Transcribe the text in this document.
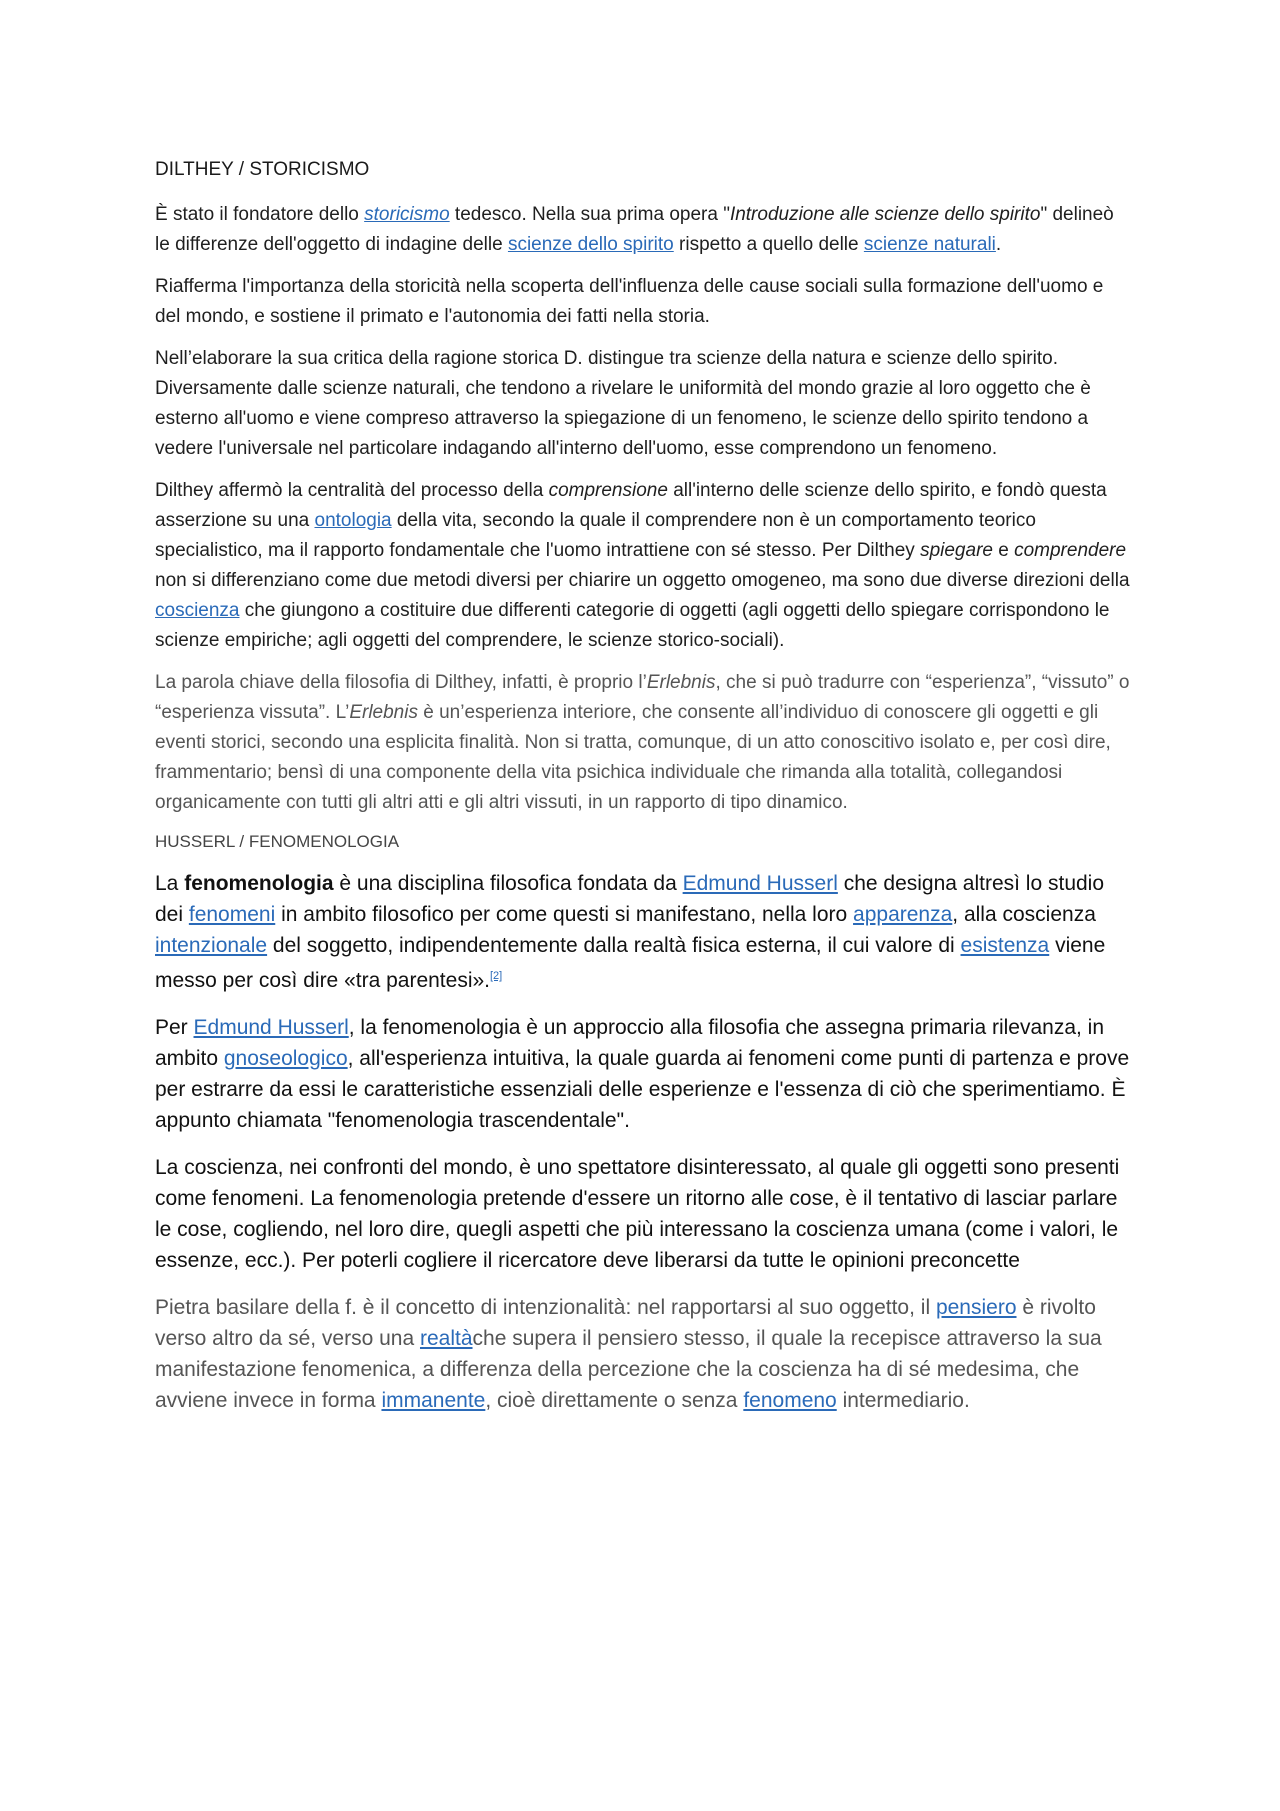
DILTHEY / STORICISMO

È stato il fondatore dello storicismo tedesco. Nella sua prima opera "Introduzione alle scienze dello spirito" delineò le differenze dell'oggetto di indagine delle scienze dello spirito rispetto a quello delle scienze naturali.

Riafferma l'importanza della storicità nella scoperta dell'influenza delle cause sociali sulla formazione dell'uomo e del mondo, e sostiene il primato e l'autonomia dei fatti nella storia.

Nell’elaborare la sua critica della ragione storica D. distingue tra scienze della natura e scienze dello spirito. Diversamente dalle scienze naturali, che tendono a rivelare le uniformità del mondo grazie al loro oggetto che è esterno all'uomo e viene compreso attraverso la spiegazione di un fenomeno, le scienze dello spirito tendono a vedere l'universale nel particolare indagando all'interno dell'uomo, esse comprendono un fenomeno.

Dilthey affermò la centralità del processo della comprensione all'interno delle scienze dello spirito, e fondò questa asserzione su una ontologia della vita, secondo la quale il comprendere non è un comportamento teorico specialistico, ma il rapporto fondamentale che l'uomo intrattiene con sé stesso. Per Dilthey spiegare e comprendere non si differenziano come due metodi diversi per chiarire un oggetto omogeneo, ma sono due diverse direzioni della coscienza che giungono a costituire due differenti categorie di oggetti (agli oggetti dello spiegare corrispondono le scienze empiriche; agli oggetti del comprendere, le scienze storico-sociali).

La parola chiave della filosofia di Dilthey, infatti, è proprio l’Erlebnis, che si può tradurre con “esperienza”, “vissuto” o “esperienza vissuta”. L’Erlebnis è un’esperienza interiore, che consente all’individuo di conoscere gli oggetti e gli eventi storici, secondo una esplicita finalità. Non si tratta, comunque, di un atto conoscitivo isolato e, per così dire, frammentario; bensì di una componente della vita psichica individuale che rimanda alla totalità, collegandosi organicamente con tutti gli altri atti e gli altri vissuti, in un rapporto di tipo dinamico.

HUSSERL / FENOMENOLOGIA

La fenomenologia è una disciplina filosofica fondata da Edmund Husserl che designa altresì lo studio dei fenomeni in ambito filosofico per come questi si manifestano, nella loro apparenza, alla coscienza intenzionale del soggetto, indipendentemente dalla realtà fisica esterna, il cui valore di esistenza viene messo per così dire «tra parentesi».[2]

Per Edmund Husserl, la fenomenologia è un approccio alla filosofia che assegna primaria rilevanza, in ambito gnoseologico, all'esperienza intuitiva, la quale guarda ai fenomeni come punti di partenza e prove per estrarre da essi le caratteristiche essenziali delle esperienze e l'essenza di ciò che sperimentiamo. È appunto chiamata "fenomenologia trascendentale".

La coscienza, nei confronti del mondo, è uno spettatore disinteressato, al quale gli oggetti sono presenti come fenomeni. La fenomenologia pretende d'essere un ritorno alle cose, è il tentativo di lasciar parlare le cose, cogliendo, nel loro dire, quegli aspetti che più interessano la coscienza umana (come i valori, le essenze, ecc.). Per poterli cogliere il ricercatore deve liberarsi da tutte le opinioni preconcette

Pietra basilare della f. è il concetto di intenzionalità: nel rapportarsi al suo oggetto, il pensiero è rivolto verso altro da sé, verso una realtàche supera il pensiero stesso, il quale la recepisce attraverso la sua manifestazione fenomenica, a differenza della percezione che la coscienza ha di sé medesima, che avviene invece in forma immanente, cioè direttamente o senza fenomeno intermediario.
